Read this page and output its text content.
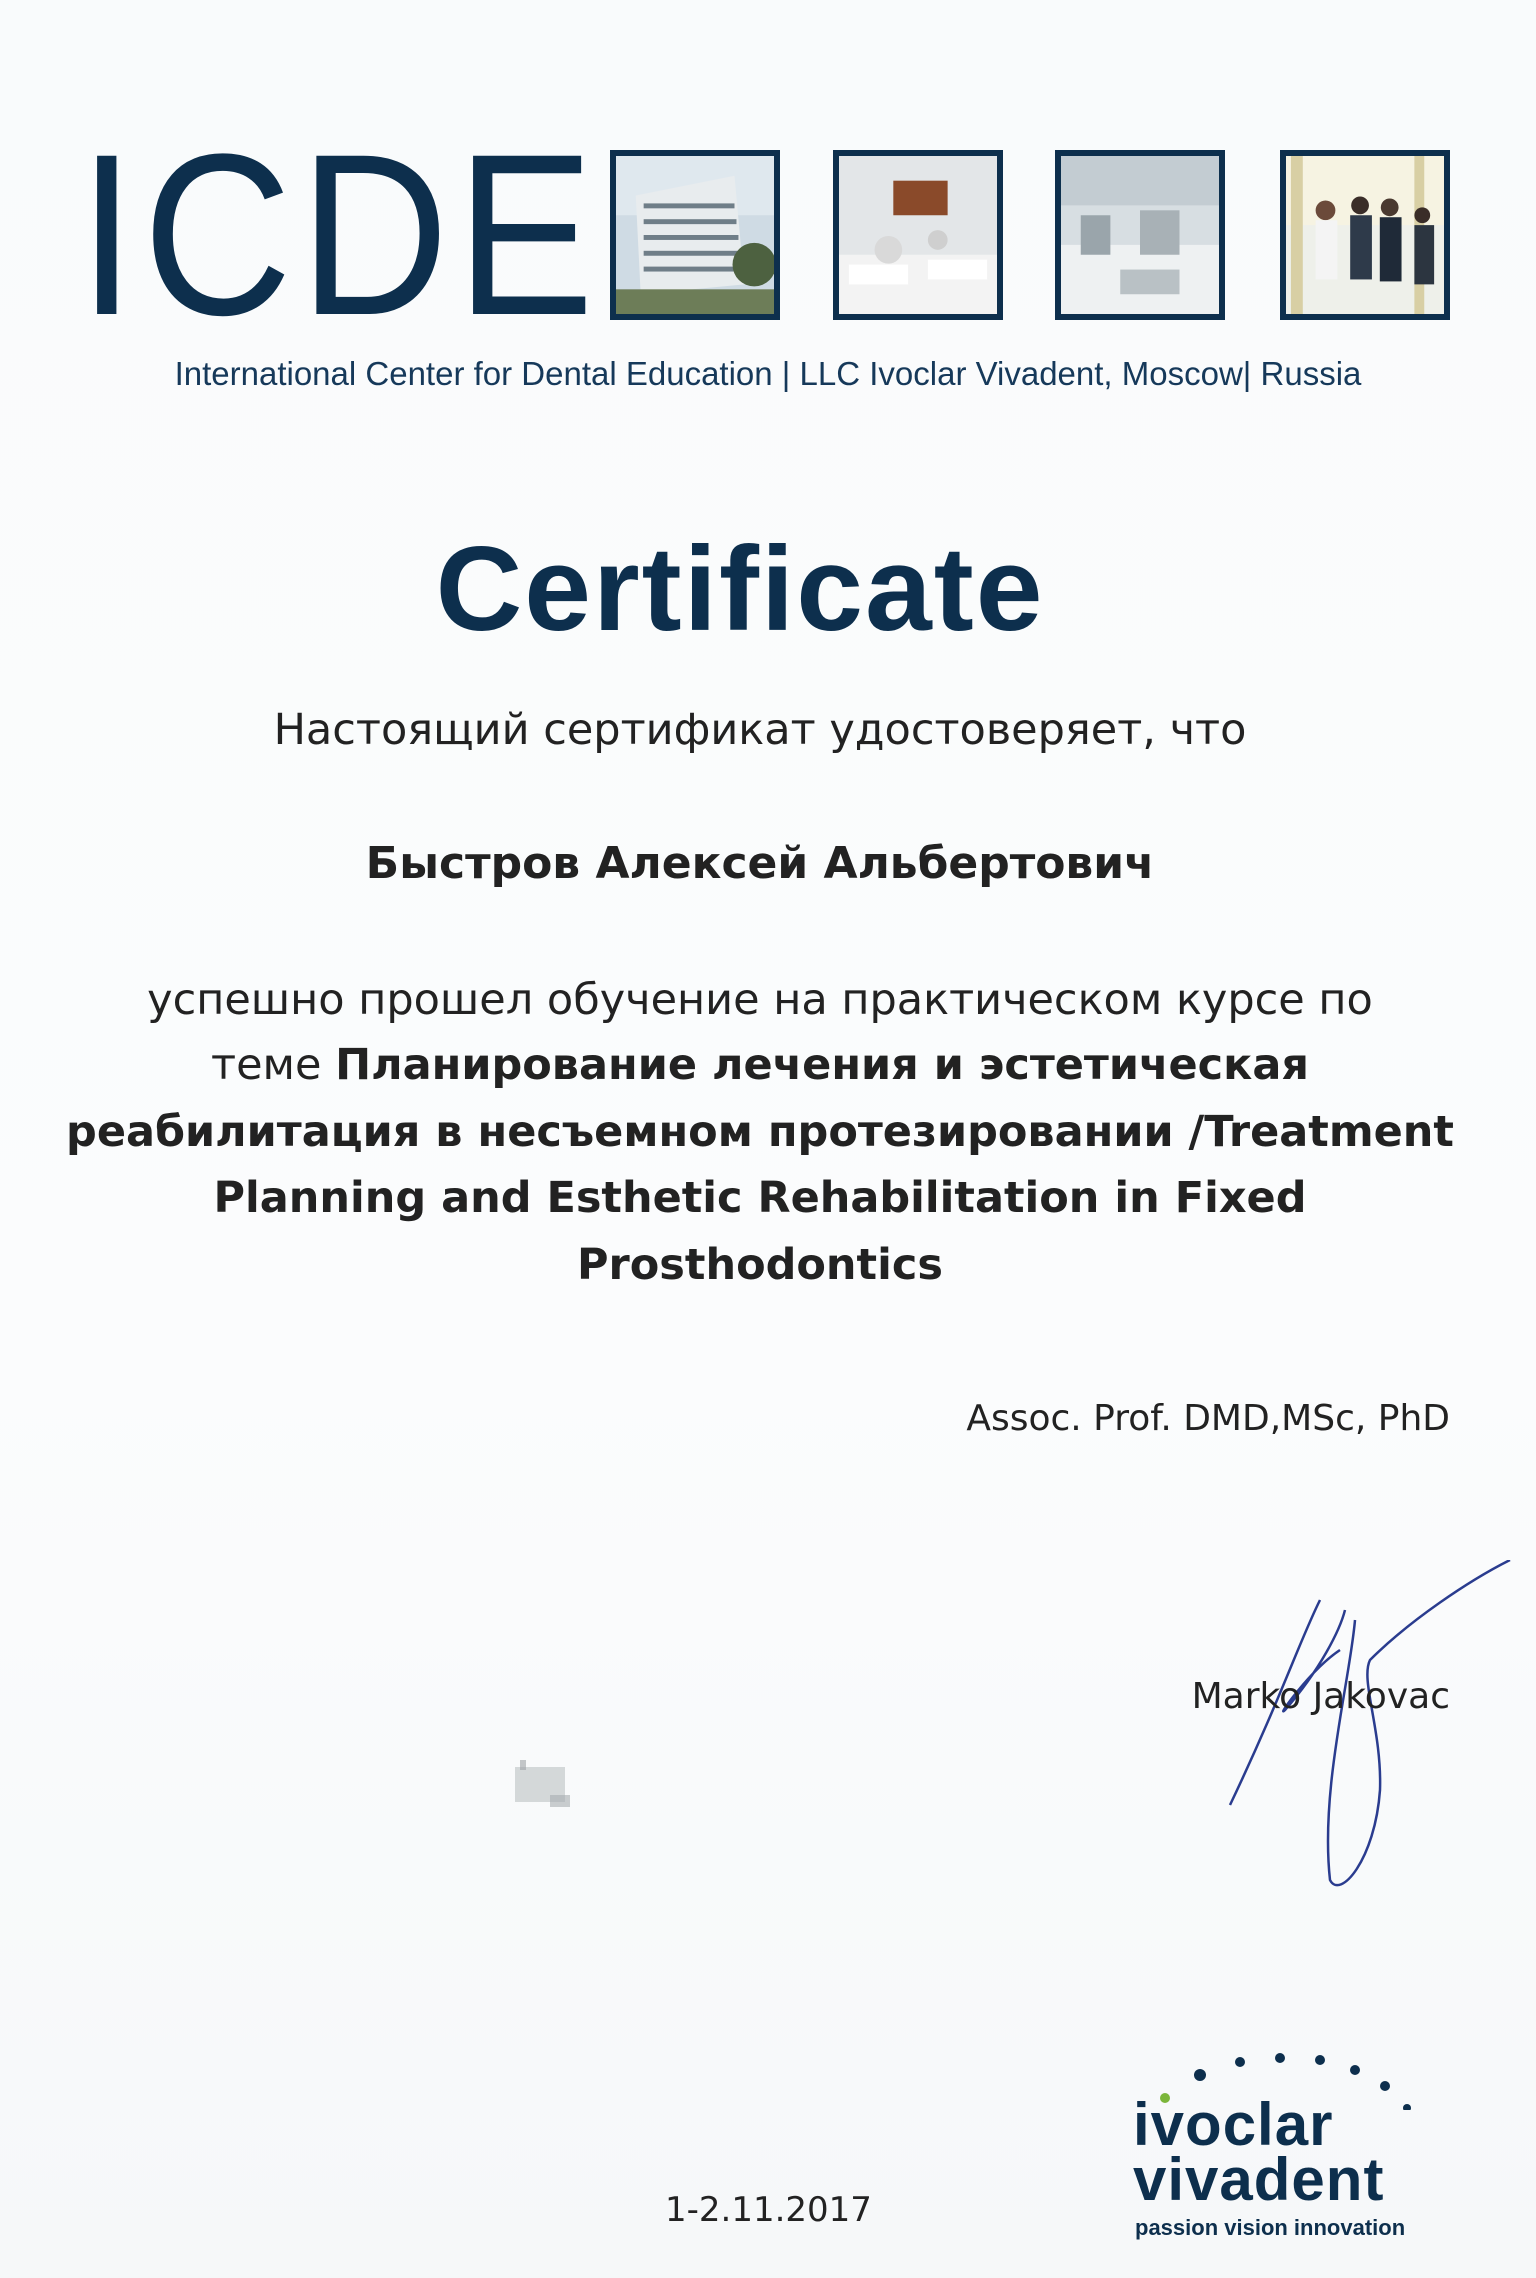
ICDE
International Center for Dental Education | LLC Ivoclar Vivadent, Moscow| Russia
Certificate
Настоящий сертификат удостоверяет, что
Быстров Алексей Альбертович
успешно прошел обучение на практическом курсе по
теме Планирование лечения и эстетическая
реабилитация в несъемном протезировании /Treatment
Planning and Esthetic Rehabilitation in Fixed
Prosthodontics
Assoc. Prof. DMD,MSc, PhD
Marko Jakovac
1-2.11.2017
ivoclar
vivadent
passion vision innovation
